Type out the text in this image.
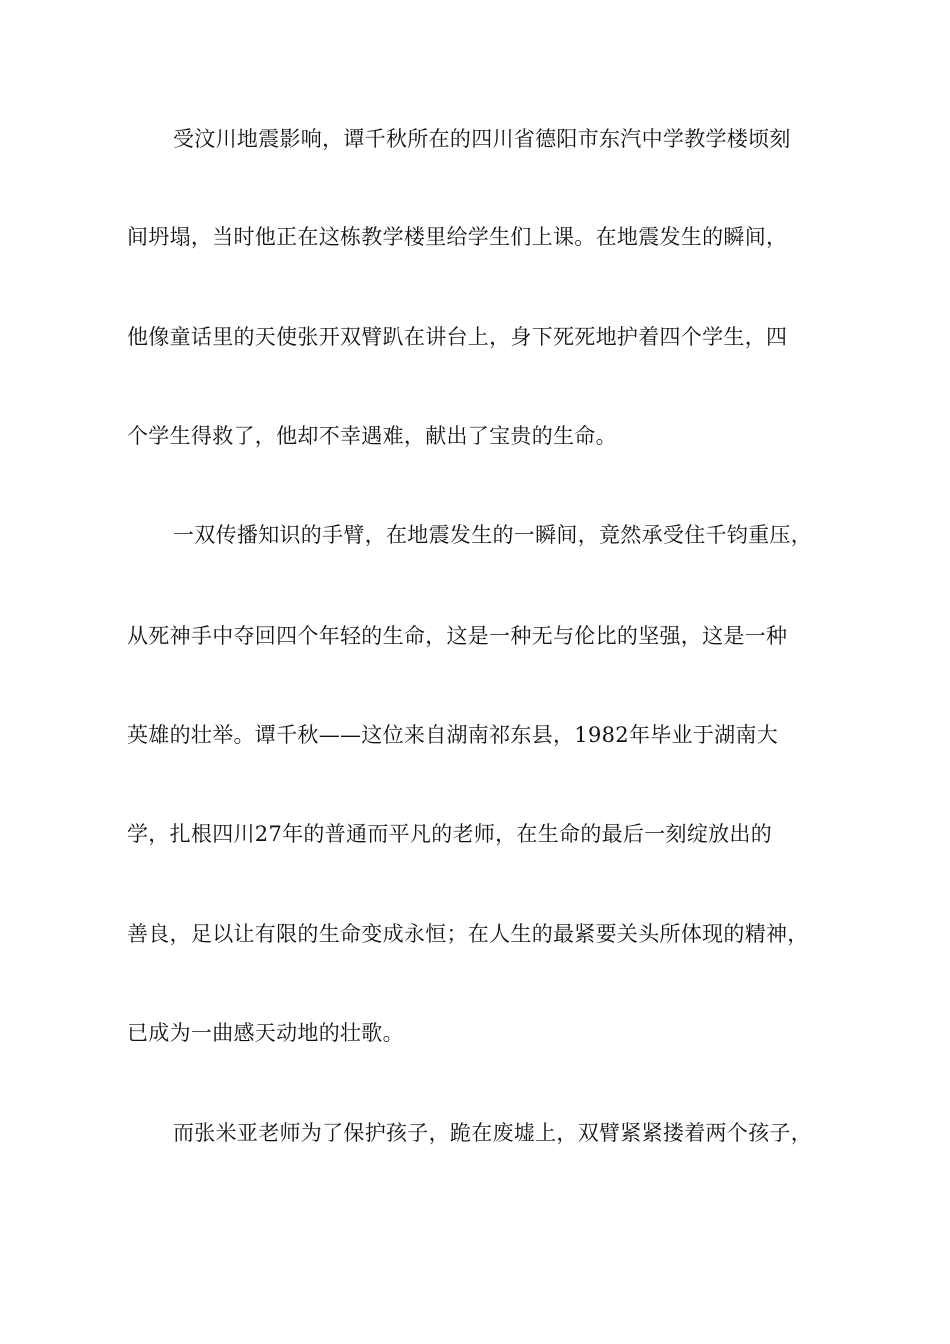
受汶川地震影响，谭千秋所在的四川省德阳市东汽中学教学楼顷刻
间坍塌，当时他正在这栋教学楼里给学生们上课。在地震发生的瞬间，
他像童话里的天使张开双臂趴在讲台上，身下死死地护着四个学生，四
个学生得救了，他却不幸遇难，献出了宝贵的生命。
一双传播知识的手臂，在地震发生的一瞬间，竟然承受住千钧重压，
从死神手中夺回四个年轻的生命，这是一种无与伦比的坚强，这是一种
英雄的壮举。谭千秋——这位来自湖南祁东县，1982年毕业于湖南大
学，扎根四川27年的普通而平凡的老师，在生命的最后一刻绽放出的
善良，足以让有限的生命变成永恒；在人生的最紧要关头所体现的精神，
已成为一曲感天动地的壮歌。
而张米亚老师为了保护孩子，跪在废墟上，双臂紧紧搂着两个孩子，
